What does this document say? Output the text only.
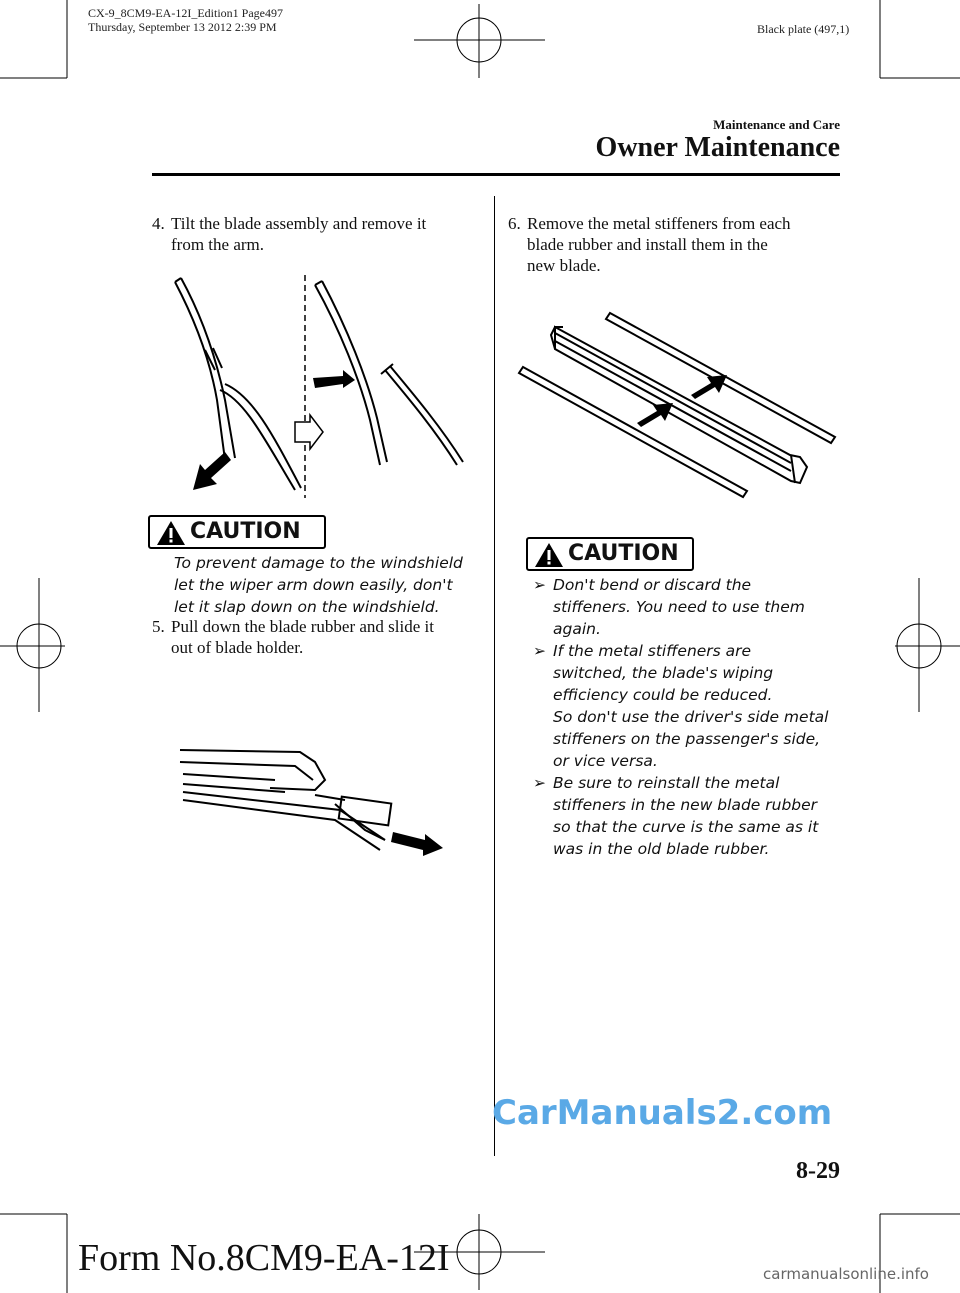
CX-9_8CM9-EA-12I_Edition1 Page497
Thursday, September 13 2012 2:39 PM	Black plate (497,1)
Maintenance and Care
Owner Maintenance
4. Tilt the blade assembly and remove it
from the arm.
CAUTION
To prevent damage to the windshield
let the wiper arm down easily, don't
let it slap down on the windshield.
5. Pull down the blade rubber and slide it
out of blade holder.
6. Remove the metal stiffeners from each
blade rubber and install them in the
new blade.
CAUTION
➢ Don't bend or discard the
stiffeners. You need to use them
again.
➢ If the metal stiffeners are
switched, the blade's wiping
efficiency could be reduced.
So don't use the driver's side metal
stiffeners on the passenger's side,
or vice versa.
➢ Be sure to reinstall the metal
stiffeners in the new blade rubber
so that the curve is the same as it
was in the old blade rubber.
CarManuals2.com
8-29
Form No.8CM9-EA-12I	carmanualsonline.info
